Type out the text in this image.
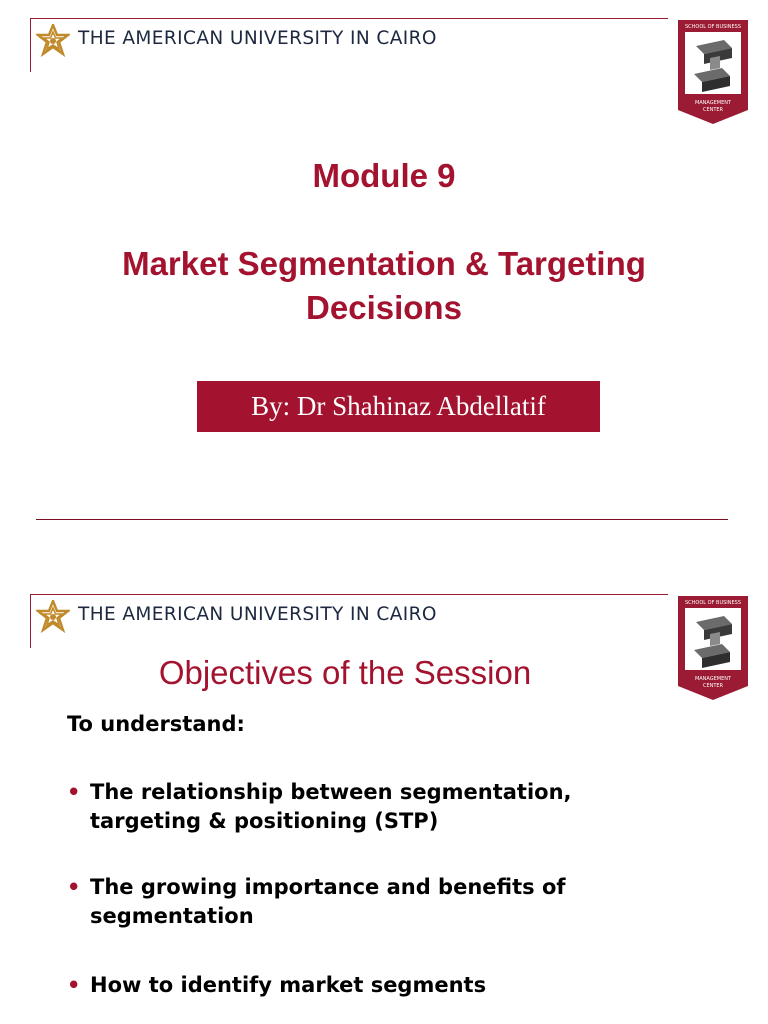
THE AMERICAN UNIVERSITY IN CAIRO
SCHOOL OF BUSINESS
MANAGEMENT
CENTER
Module 9
Market Segmentation & Targeting
Decisions
By: Dr Shahinaz Abdellatif
THE AMERICAN UNIVERSITY IN CAIRO
SCHOOL OF BUSINESS
MANAGEMENT
CENTER
Objectives of the Session
To understand:
• The relationship between segmentation, targeting & positioning (STP)
• The growing importance and benefits of segmentation
• How to identify market segments
